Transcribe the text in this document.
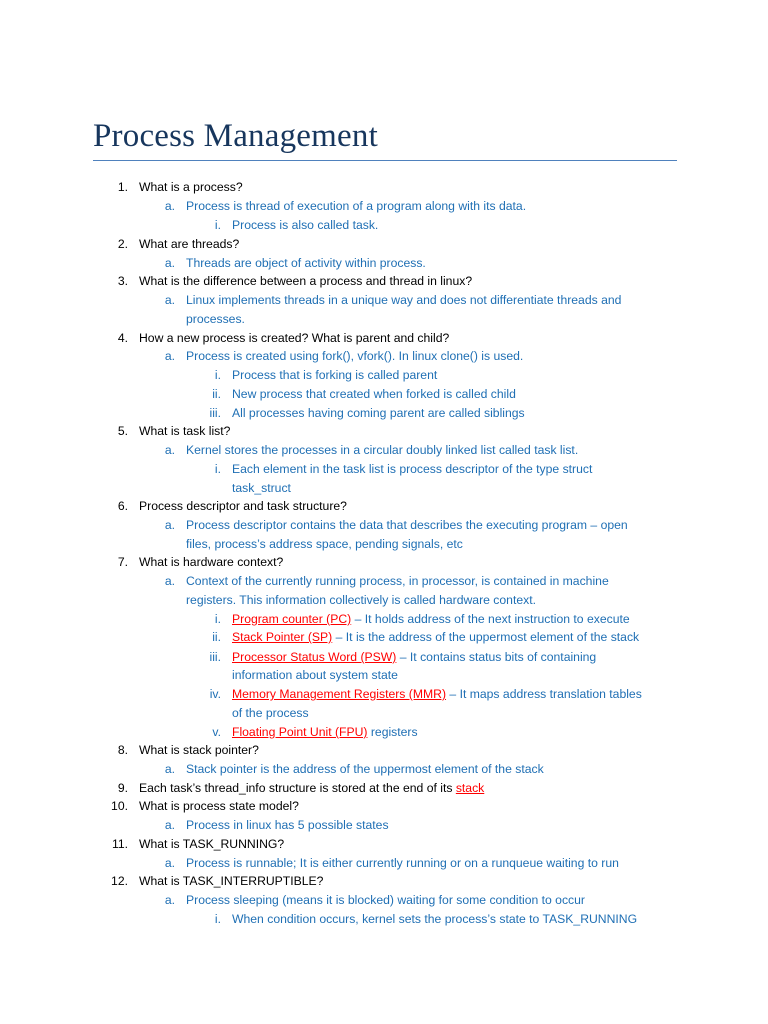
Process Management
1. What is a process?
a. Process is thread of execution of a program along with its data.
i. Process is also called task.
2. What are threads?
a. Threads are object of activity within process.
3. What is the difference between a process and thread in linux?
a. Linux implements threads in a unique way and does not differentiate threads and
processes.
4. How a new process is created? What is parent and child?
a. Process is created using fork(), vfork(). In linux clone() is used.
i. Process that is forking is called parent
ii. New process that created when forked is called child
iii. All processes having coming parent are called siblings
5. What is task list?
a. Kernel stores the processes in a circular doubly linked list called task list.
i. Each element in the task list is process descriptor of the type struct
task_struct
6. Process descriptor and task structure?
a. Process descriptor contains the data that describes the executing program – open
files, process’s address space, pending signals, etc
7. What is hardware context?
a. Context of the currently running process, in processor, is contained in machine
registers. This information collectively is called hardware context.
i. Program counter (PC) – It holds address of the next instruction to execute
ii. Stack Pointer (SP) – It is the address of the uppermost element of the stack
iii. Processor Status Word (PSW) – It contains status bits of containing
information about system state
iv. Memory Management Registers (MMR) – It maps address translation tables
of the process
v. Floating Point Unit (FPU) registers
8. What is stack pointer?
a. Stack pointer is the address of the uppermost element of the stack
9. Each task’s thread_info structure is stored at the end of its stack
10. What is process state model?
a. Process in linux has 5 possible states
11. What is TASK_RUNNING?
a. Process is runnable; It is either currently running or on a runqueue waiting to run
12. What is TASK_INTERRUPTIBLE?
a. Process sleeping (means it is blocked) waiting for some condition to occur
i. When condition occurs, kernel sets the process’s state to TASK_RUNNING
